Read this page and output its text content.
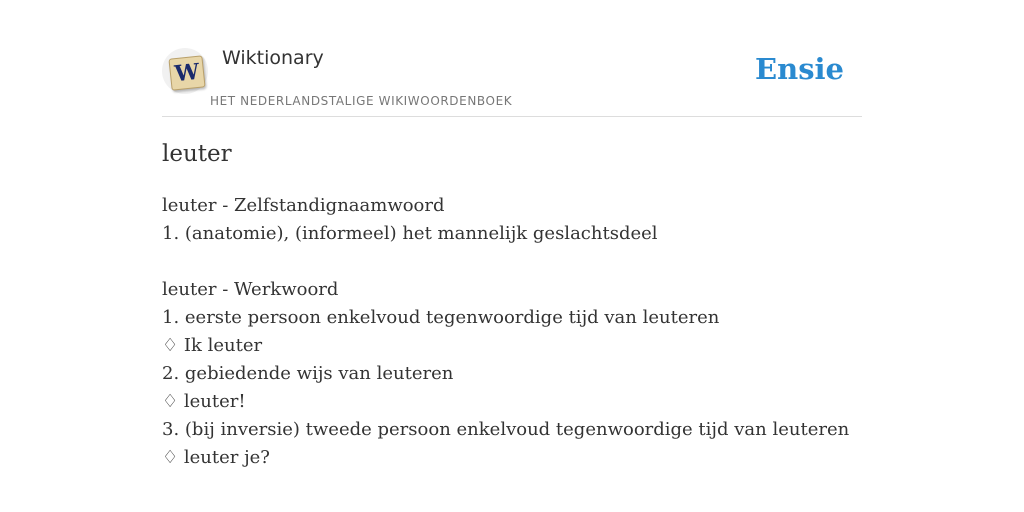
W
Wiktionary
HET NEDERLANDSTALIGE WIKIWOORDENBOEK
Ensie
leuter
leuter - Zelfstandignaamwoord
1. (anatomie), (informeel) het mannelijk geslachtsdeel
leuter - Werkwoord
1. eerste persoon enkelvoud tegenwoordige tijd van leuteren
♢ Ik leuter
2. gebiedende wijs van leuteren
♢ leuter!
3. (bij inversie) tweede persoon enkelvoud tegenwoordige tijd van leuteren
♢ leuter je?
